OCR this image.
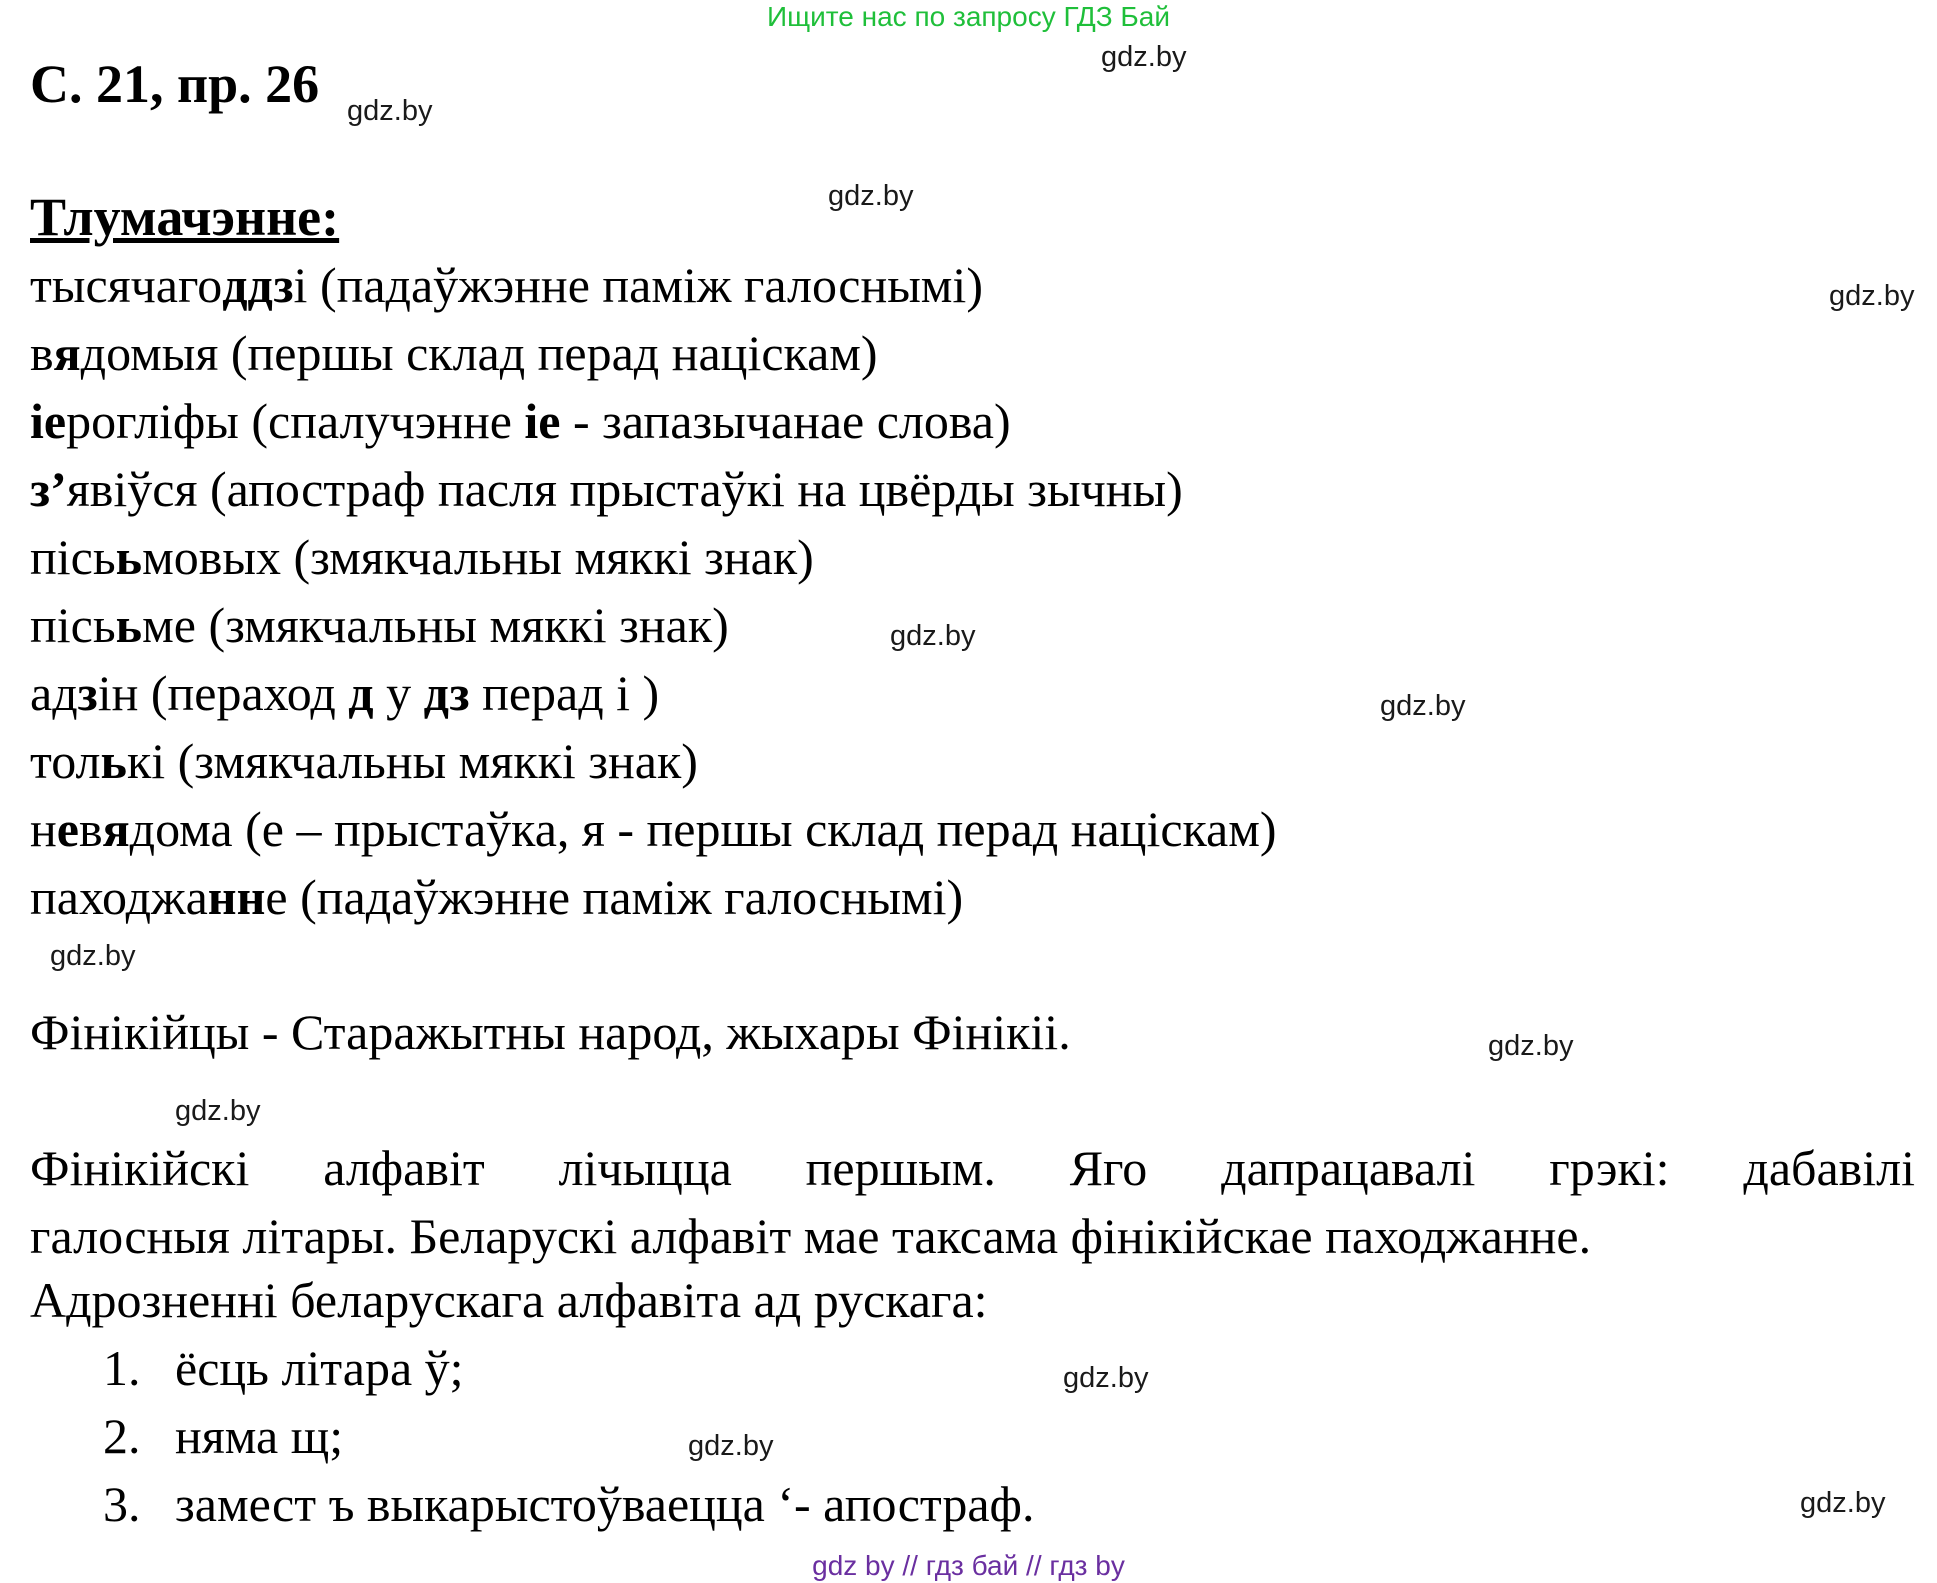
Ищите нас по запросу ГДЗ Бай
С. 21, пр. 26
Тлумачэнне:
тысячагоддзі (падаўжэнне паміж галоснымі)
вядомыя (першы склад перад націскам)
іерогліфы (спалучэнне іе - запазычанае слова)
з’явіўся (апостраф пасля прыстаўкі на цвёрды зычны)
пісььмовых (змякчальны мяккі знак)
пісььме (змякчальны мяккі знак)
адзін (пераход д у дз перад і )
толькі (змякчальны мяккі знак)
невядома (е – прыстаўка, я - першы склад перад націскам)
паходжанне (падаўжэнне паміж галоснымі)
Фінікійцы - Старажытны народ, жыхары Фінікіі.
Фінікійскі алфавіт лічыцца першым. Яго дапрацавалі грэкі: дабавілі
галосныя літары. Беларускі алфавіт мае таксама фінікійскае паходжанне.
Адрозненні беларускага алфавіта ад рускага:
1. ёсць літара ў;
2. няма щ;
3. замест ъ выкарыстоўваецца ‘- апостраф.
gdz by // гдз бай // гдз by
gdz.by
gdz.by
gdz.by
gdz.by
gdz.by
gdz.by
gdz.by
gdz.by
gdz.by
gdz.by
gdz.by
gdz.by
